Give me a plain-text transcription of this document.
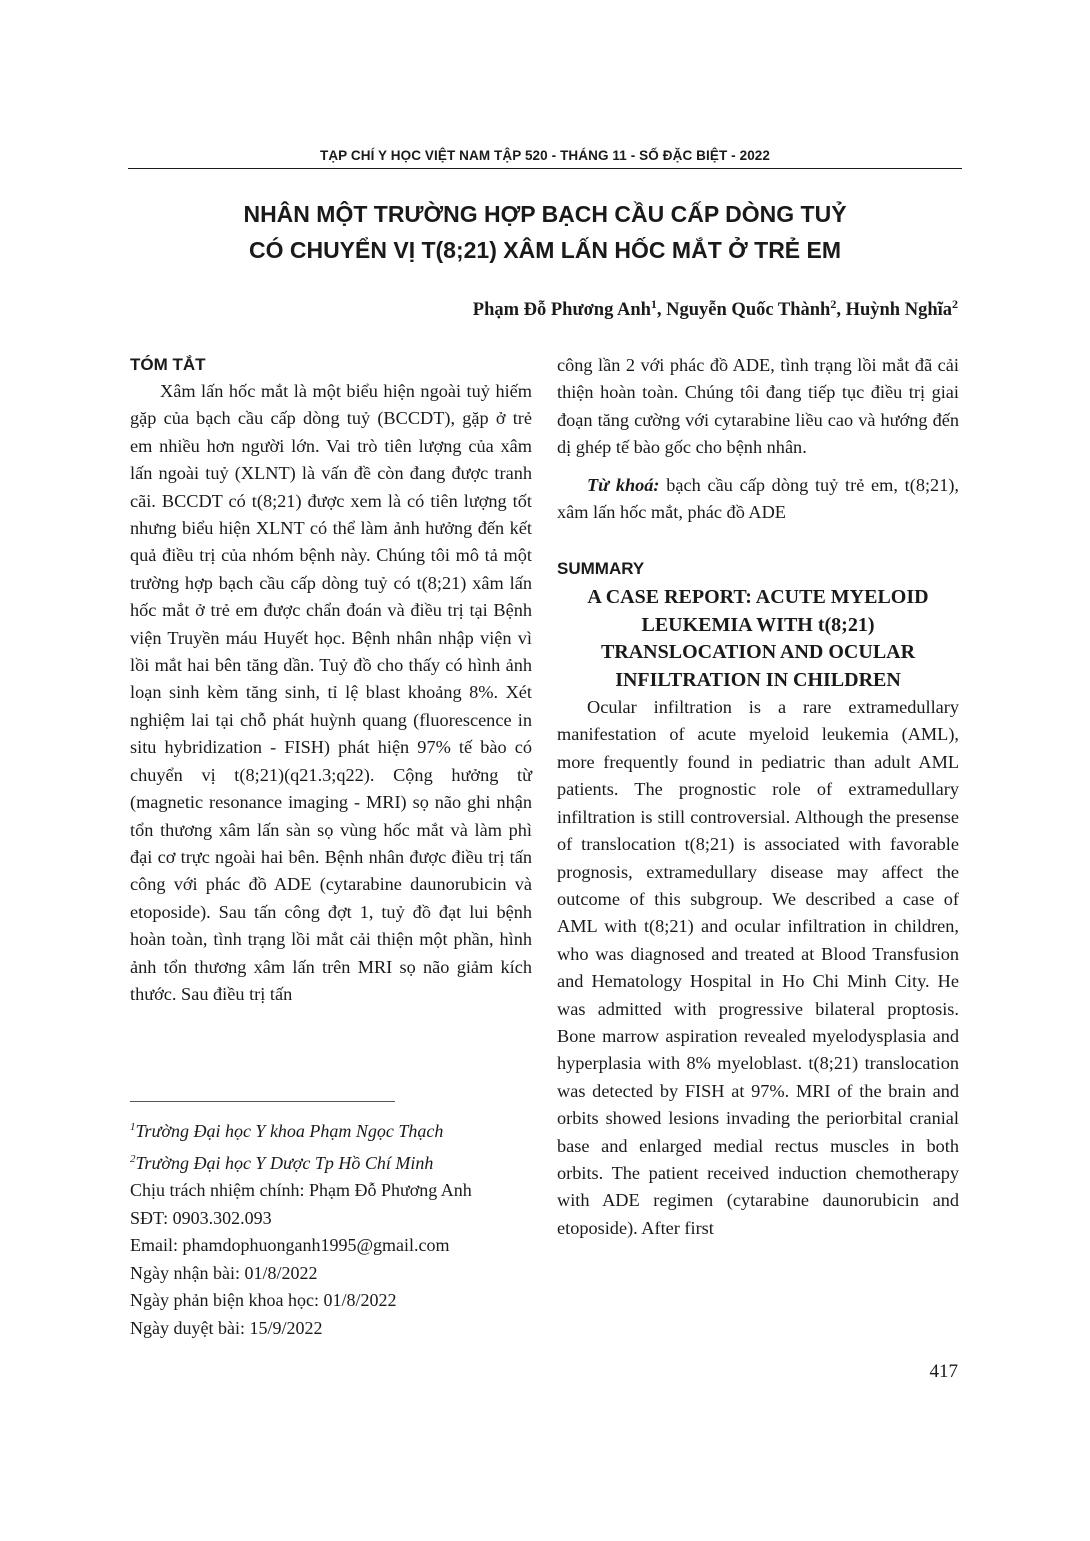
TẠP CHÍ Y HỌC VIỆT NAM TẬP 520 - THÁNG 11 - SỐ ĐẶC BIỆT - 2022
NHÂN MỘT TRƯỜNG HỢP BẠCH CẦU CẤP DÒNG TUỶ
CÓ CHUYỂN VỊ T(8;21) XÂM LẤN HỐC MẮT Ở TRẺ EM
Phạm Đỗ Phương Anh$^1$, Nguyễn Quốc Thành$^2$, Huỳnh Nghĩa$^2$
TÓM TẮT

Xâm lấn hốc mắt là một biểu hiện ngoài tuỷ hiếm gặp của bạch cầu cấp dòng tuỷ (BCCDT), gặp ở trẻ em nhiều hơn người lớn. Vai trò tiên lượng của xâm lấn ngoài tuỷ (XLNT) là vấn đề còn đang được tranh cãi. BCCDT có t(8;21) được xem là có tiên lượng tốt nhưng biểu hiện XLNT có thể làm ảnh hưởng đến kết quả điều trị của nhóm bệnh này. Chúng tôi mô tả một trường hợp bạch cầu cấp dòng tuỷ có t(8;21) xâm lấn hốc mắt ở trẻ em được chẩn đoán và điều trị tại Bệnh viện Truyền máu Huyết học. Bệnh nhân nhập viện vì lồi mắt hai bên tăng dần. Tuỷ đồ cho thấy có hình ảnh loạn sinh kèm tăng sinh, tỉ lệ blast khoảng 8%. Xét nghiệm lai tại chỗ phát huỳnh quang (fluorescence in situ hybridization - FISH) phát hiện 97% tế bào có chuyển vị t(8;21)(q21.3;q22). Cộng hưởng từ (magnetic resonance imaging - MRI) sọ não ghi nhận tổn thương xâm lấn sàn sọ vùng hốc mắt và làm phì đại cơ trực ngoài hai bên. Bệnh nhân được điều trị tấn công với phác đồ ADE (cytarabine daunorubicin và etoposide). Sau tấn công đợt 1, tuỷ đồ đạt lui bệnh hoàn toàn, tình trạng lồi mắt cải thiện một phần, hình ảnh tổn thương xâm lấn trên MRI sọ não giảm kích thước. Sau điều trị tấn

công lần 2 với phác đồ ADE, tình trạng lồi mắt đã cải thiện hoàn toàn. Chúng tôi đang tiếp tục điều trị giai đoạn tăng cường với cytarabine liều cao và hướng đến dị ghép tế bào gốc cho bệnh nhân.

Từ khoá: bạch cầu cấp dòng tuỷ trẻ em, t(8;21), xâm lấn hốc mắt, phác đồ ADE

SUMMARY
A CASE REPORT: ACUTE MYELOID
LEUKEMIA WITH t(8;21)
TRANSLOCATION AND OCULAR
INFILTRATION IN CHILDREN

Ocular infiltration is a rare extramedullary manifestation of acute myeloid leukemia (AML), more frequently found in pediatric than adult AML patients. The prognostic role of extramedullary infiltration is still controversial. Although the presense of translocation t(8;21) is associated with favorable prognosis, extramedullary disease may affect the outcome of this subgroup. We described a case of AML with t(8;21) and ocular infiltration in children, who was diagnosed and treated at Blood Transfusion and Hematology Hospital in Ho Chi Minh City. He was admitted with progressive bilateral proptosis. Bone marrow aspiration revealed myelodysplasia and hyperplasia with 8% myeloblast. t(8;21) translocation was detected by FISH at 97%. MRI of the brain and orbits showed lesions invading the periorbital cranial base and enlarged medial rectus muscles in both orbits. The patient received induction chemotherapy with ADE regimen (cytarabine daunorubicin and etoposide). After first

$^1$Trường Đại học Y khoa Phạm Ngọc Thạch

$^2$Trường Đại học Y Dược Tp Hồ Chí Minh

Chịu trách nhiệm chính: Phạm Đỗ Phương Anh

SĐT: 0903.302.093

Email: phamdophuonganh1995@gmail.com

Ngày nhận bài: 01/8/2022

Ngày phản biện khoa học: 01/8/2022

Ngày duyệt bài: 15/9/2022

417
